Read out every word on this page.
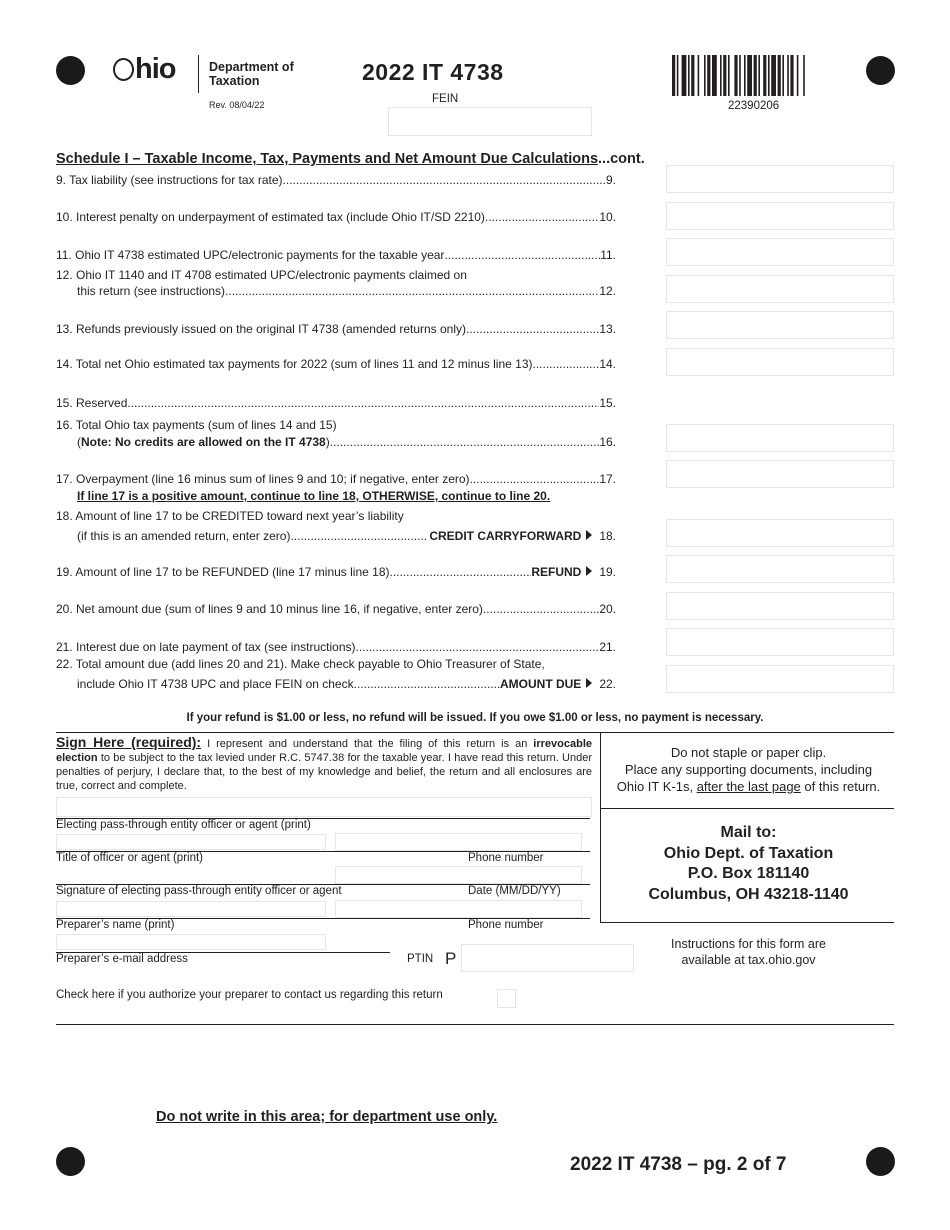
hio	Department of
Taxation
Rev. 08/04/22
2022 IT 4738
FEIN
22390206
Schedule I – Taxable Income, Tax, Payments and Net Amount Due Calculations...cont.
9. Tax liability (see instructions for tax rate) .....	9.
10. Interest penalty on underpayment of estimated tax (include Ohio IT/SD 2210) .....	10.
11. Ohio IT 4738 estimated UPC/electronic payments for the taxable year .....	11.
12. Ohio IT 1140 and IT 4708 estimated UPC/electronic payments claimed on
this return (see instructions) .....	12.
13. Refunds previously issued on the original IT 4738 (amended returns only) .....	13.
14. Total net Ohio estimated tax payments for 2022 (sum of lines 11 and 12 minus line 13) .....	14.
15. Reserved .....	15.
16. Total Ohio tax payments (sum of lines 14 and 15)
(Note: No credits are allowed on the IT 4738) .....	16.
17. Overpayment (line 16 minus sum of lines 9 and 10; if negative, enter zero) .....	17.
If line 17 is a positive amount, continue to line 18, OTHERWISE, continue to line 20.
18. Amount of line 17 to be CREDITED toward next year’s liability
(if this is an amended return, enter zero) .....	CREDIT CARRYFORWARD 18.
19. Amount of line 17 to be REFUNDED (line 17 minus line 18) .....	REFUND 19.
20. Net amount due (sum of lines 9 and 10 minus line 16, if negative, enter zero) .....	20.
21. Interest due on late payment of tax (see instructions) .....	21.
22. Total amount due (add lines 20 and 21). Make check payable to Ohio Treasurer of State,
include Ohio IT 4738 UPC and place FEIN on check .....	AMOUNT DUE 22.
If your refund is $1.00 or less, no refund will be issued. If you owe $1.00 or less, no payment is necessary.
Sign Here (required): I represent and understand that the filing of this return is an irrevocable election to be subject to the tax levied under R.C. 5747.38 for the taxable year. I have read this return. Under penalties of perjury, I declare that, to the best of my knowledge and belief, the return and all enclosures are true, correct and complete.
Electing pass-through entity officer or agent (print)
Title of officer or agent (print)	Phone number
Signature of electing pass-through entity officer or agent	Date (MM/DD/YY)
Preparer’s name (print)	Phone number
Preparer’s e-mail address	PTIN P
Check here if you authorize your preparer to contact us regarding this return
Do not staple or paper clip.
Place any supporting documents, including
Ohio IT K-1s, after the last page of this return.
Mail to:
Ohio Dept. of Taxation
P.O. Box 181140
Columbus, OH 43218-1140
Instructions for this form are
available at tax.ohio.gov
Do not write in this area; for department use only.
2022 IT 4738 – pg. 2 of 7
